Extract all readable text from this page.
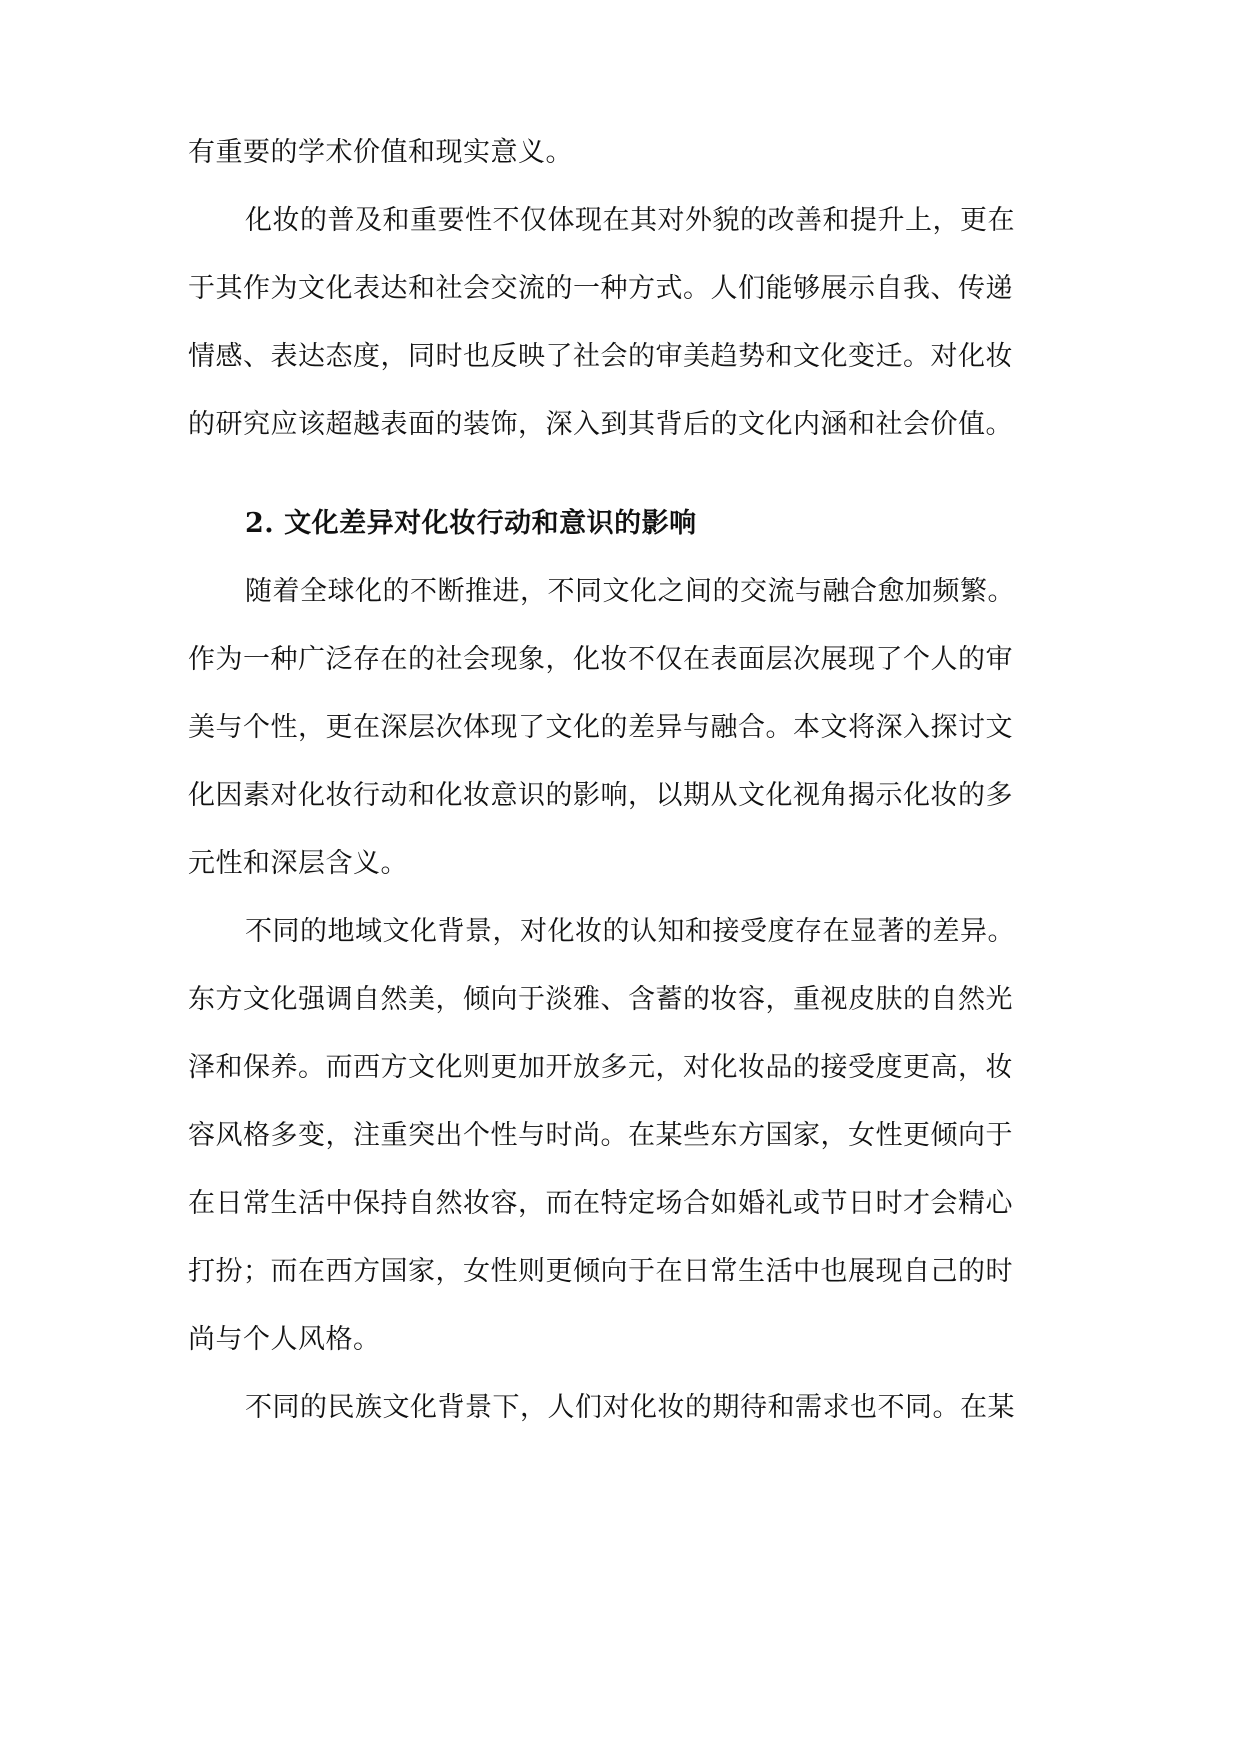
有重要的学术价值和现实意义。
化妆的普及和重要性不仅体现在其对外貌的改善和提升上，更在
于其作为文化表达和社会交流的一种方式。人们能够展示自我、传递
情感、表达态度，同时也反映了社会的审美趋势和文化变迁。对化妆
的研究应该超越表面的装饰，深入到其背后的文化内涵和社会价值。
2. 文化差异对化妆行动和意识的影响
随着全球化的不断推进，不同文化之间的交流与融合愈加频繁。
作为一种广泛存在的社会现象，化妆不仅在表面层次展现了个人的审
美与个性，更在深层次体现了文化的差异与融合。本文将深入探讨文
化因素对化妆行动和化妆意识的影响，以期从文化视角揭示化妆的多
元性和深层含义。
不同的地域文化背景，对化妆的认知和接受度存在显著的差异。
东方文化强调自然美，倾向于淡雅、含蓄的妆容，重视皮肤的自然光
泽和保养。而西方文化则更加开放多元，对化妆品的接受度更高，妆
容风格多变，注重突出个性与时尚。在某些东方国家，女性更倾向于
在日常生活中保持自然妆容，而在特定场合如婚礼或节日时才会精心
打扮；而在西方国家，女性则更倾向于在日常生活中也展现自己的时
尚与个人风格。
不同的民族文化背景下，人们对化妆的期待和需求也不同。在某
